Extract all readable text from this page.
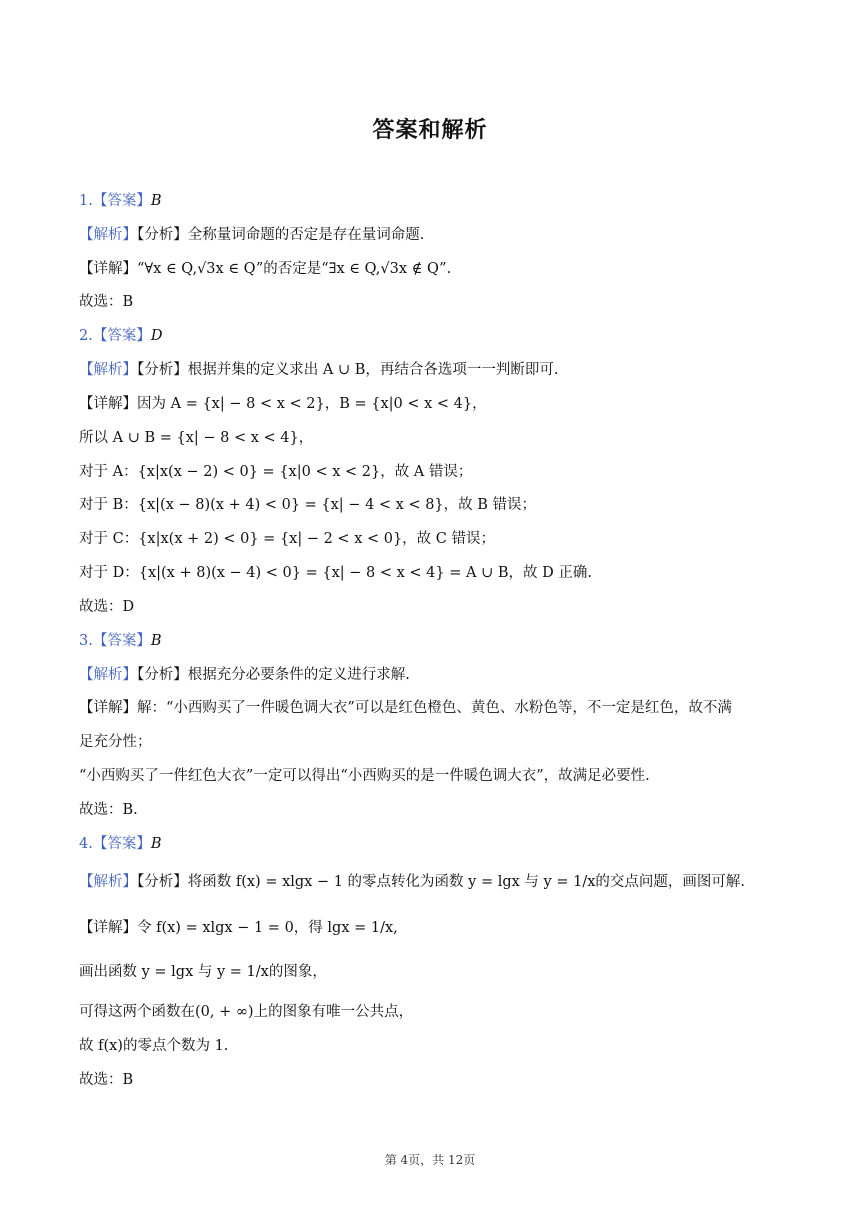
答案和解析
1.【答案】B
【解析】【分析】全称量词命题的否定是存在量词命题.
【详解】“∀x ∈ Q,√3x ∈ Q”的否定是“∃x ∈ Q,√3x ∉ Q”.
故选：B
2.【答案】D
【解析】【分析】根据并集的定义求出 A ∪ B，再结合各选项一一判断即可.
【详解】因为 A = {x| − 8 < x < 2}，B = {x|0 < x < 4}，
所以 A ∪ B = {x| − 8 < x < 4}，
对于 A：{x|x(x − 2) < 0} = {x|0 < x < 2}，故 A 错误；
对于 B：{x|(x − 8)(x + 4) < 0} = {x| − 4 < x < 8}，故 B 错误；
对于 C：{x|x(x + 2) < 0} = {x| − 2 < x < 0}，故 C 错误；
对于 D：{x|(x + 8)(x − 4) < 0} = {x| − 8 < x < 4} = A ∪ B，故 D 正确.
故选：D
3.【答案】B
【解析】【分析】根据充分必要条件的定义进行求解.
【详解】解：“小西购买了一件暖色调大衣”可以是红色橙色、黄色、水粉色等，不一定是红色，故不满
足充分性；
“小西购买了一件红色大衣”一定可以得出“小西购买的是一件暖色调大衣”，故满足必要性.
故选：B.
4.【答案】B
【解析】【分析】将函数 f(x) = xlgx − 1 的零点转化为函数 y = lgx 与 y = 1/x的交点问题，画图可解.
【详解】令 f(x) = xlgx − 1 = 0，得 lgx = 1/x,
画出函数 y = lgx 与 y = 1/x的图象，
可得这两个函数在(0, + ∞)上的图象有唯一公共点，
故 f(x)的零点个数为 1.
故选：B
第 4页，共 12页
